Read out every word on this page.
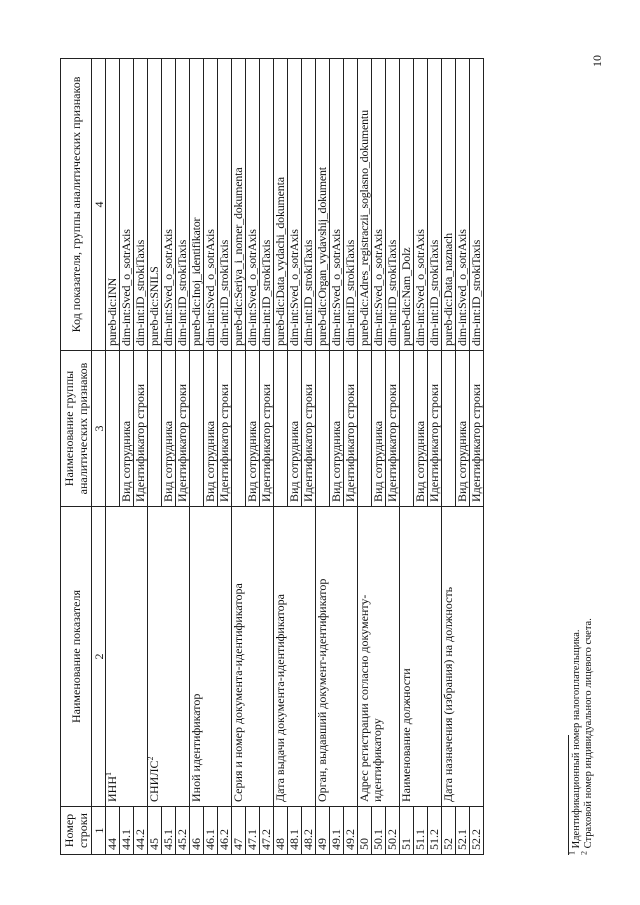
10
Номер строки	Наименование показателя	Наименование группы аналитических признаков	Код показателя, группы аналитических признаков
1	2	3	4
44	ИНН$^1$		pureb-dic:INN
44.1		Вид сотрудника	dim-int:Sved_o_sotrAxis
44.2		Идентификатор строки	dim-int:ID_strokiTaxis
45	СНИЛС$^2$		pureb-dic:SNILS
45.1		Вид сотрудника	dim-int:Sved_o_sotrAxis
45.2		Идентификатор строки	dim-int:ID_strokiTaxis
46	Иной идентификатор		pureb-dic:Inoj_identifikator
46.1		Вид сотрудника	dim-int:Sved_o_sotrAxis
46.2		Идентификатор строки	dim-int:ID_strokiTaxis
47	Серия и номер документа-идентификатора		pureb-dic:Seriya_i_nomer_dokumenta
47.1		Вид сотрудника	dim-int:Sved_o_sotrAxis
47.2		Идентификатор строки	dim-int:ID_strokiTaxis
48	Дата выдачи документа-идентификатора		pureb-dic:Data_vydachi_dokumenta
48.1		Вид сотрудника	dim-int:Sved_o_sotrAxis
48.2		Идентификатор строки	dim-int:ID_strokiTaxis
49	Орган, выдавший документ-идентификатор		pureb-dic:Organ_vydavshij_dokument
49.1		Вид сотрудника	dim-int:Sved_o_sotrAxis
49.2		Идентификатор строки	dim-int:ID_strokiTaxis
50	Адрес регистрации согласно документу-идентификатору		pureb-dic:Adres_registraczii_soglasno_dokumentu
50.1		Вид сотрудника	dim-int:Sved_o_sotrAxis
50.2		Идентификатор строки	dim-int:ID_strokiTaxis
51	Наименование должности		pureb-dic:Nam_Dolz
51.1		Вид сотрудника	dim-int:Sved_o_sotrAxis
51.2		Идентификатор строки	dim-int:ID_strokiTaxis
52	Дата назначения (избрания) на должность		pureb-dic:Data_naznach
52.1		Вид сотрудника	dim-int:Sved_o_sotrAxis
52.2		Идентификатор строки	dim-int:ID_strokiTaxis
$^1$ Идентификационный номер налогоплательщика.
$^2$ Страховой номер индивидуального лицевого счета.
